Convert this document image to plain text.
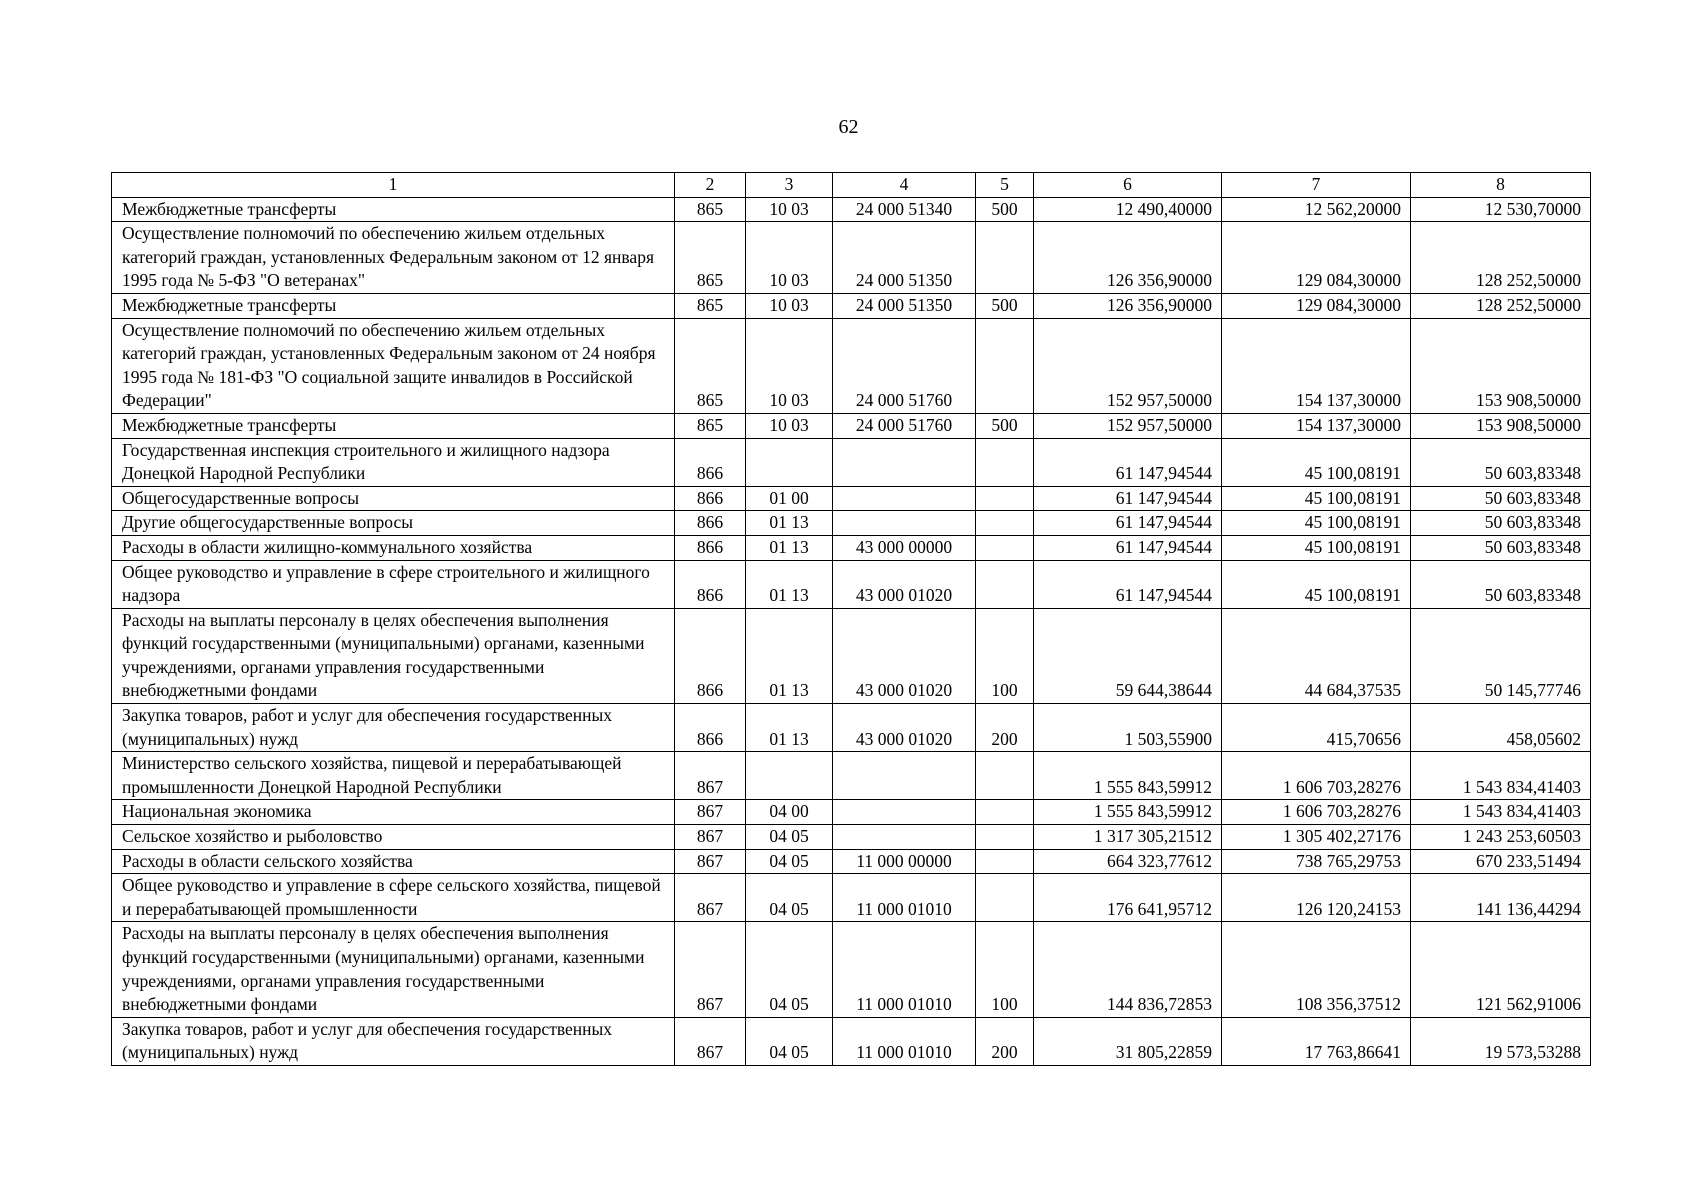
62
1	2	3	4	5	6	7	8
Межбюджетные трансферты	865	10 03	24 000 51340	500	12 490,40000	12 562,20000	12 530,70000
Осуществление полномочий по обеспечению жильем отдельных категорий граждан, установленных Федеральным законом от 12 января 1995 года № 5-ФЗ "О ветеранах"	865	10 03	24 000 51350		126 356,90000	129 084,30000	128 252,50000
Межбюджетные трансферты	865	10 03	24 000 51350	500	126 356,90000	129 084,30000	128 252,50000
Осуществление полномочий по обеспечению жильем отдельных категорий граждан, установленных Федеральным законом от 24 ноября 1995 года № 181-ФЗ "О социальной защите инвалидов в Российской Федерации"	865	10 03	24 000 51760		152 957,50000	154 137,30000	153 908,50000
Межбюджетные трансферты	865	10 03	24 000 51760	500	152 957,50000	154 137,30000	153 908,50000
Государственная инспекция строительного и жилищного надзора Донецкой Народной Республики	866				61 147,94544	45 100,08191	50 603,83348
Общегосударственные вопросы	866	01 00			61 147,94544	45 100,08191	50 603,83348
Другие общегосударственные вопросы	866	01 13			61 147,94544	45 100,08191	50 603,83348
Расходы в области жилищно-коммунального хозяйства	866	01 13	43 000 00000		61 147,94544	45 100,08191	50 603,83348
Общее руководство и управление в сфере строительного и жилищного надзора	866	01 13	43 000 01020		61 147,94544	45 100,08191	50 603,83348
Расходы на выплаты персоналу в целях обеспечения выполнения функций государственными (муниципальными) органами, казенными учреждениями, органами управления государственными внебюджетными фондами	866	01 13	43 000 01020	100	59 644,38644	44 684,37535	50 145,77746
Закупка товаров, работ и услуг для обеспечения государственных (муниципальных) нужд	866	01 13	43 000 01020	200	1 503,55900	415,70656	458,05602
Министерство сельского хозяйства, пищевой и перерабатывающей промышленности Донецкой Народной Республики	867				1 555 843,59912	1 606 703,28276	1 543 834,41403
Национальная экономика	867	04 00			1 555 843,59912	1 606 703,28276	1 543 834,41403
Сельское хозяйство и рыболовство	867	04 05			1 317 305,21512	1 305 402,27176	1 243 253,60503
Расходы в области сельского хозяйства	867	04 05	11 000 00000		664 323,77612	738 765,29753	670 233,51494
Общее руководство и управление в сфере сельского хозяйства, пищевой и перерабатывающей промышленности	867	04 05	11 000 01010		176 641,95712	126 120,24153	141 136,44294
Расходы на выплаты персоналу в целях обеспечения выполнения функций государственными (муниципальными) органами, казенными учреждениями, органами управления государственными внебюджетными фондами	867	04 05	11 000 01010	100	144 836,72853	108 356,37512	121 562,91006
Закупка товаров, работ и услуг для обеспечения государственных (муниципальных) нужд	867	04 05	11 000 01010	200	31 805,22859	17 763,86641	19 573,53288
